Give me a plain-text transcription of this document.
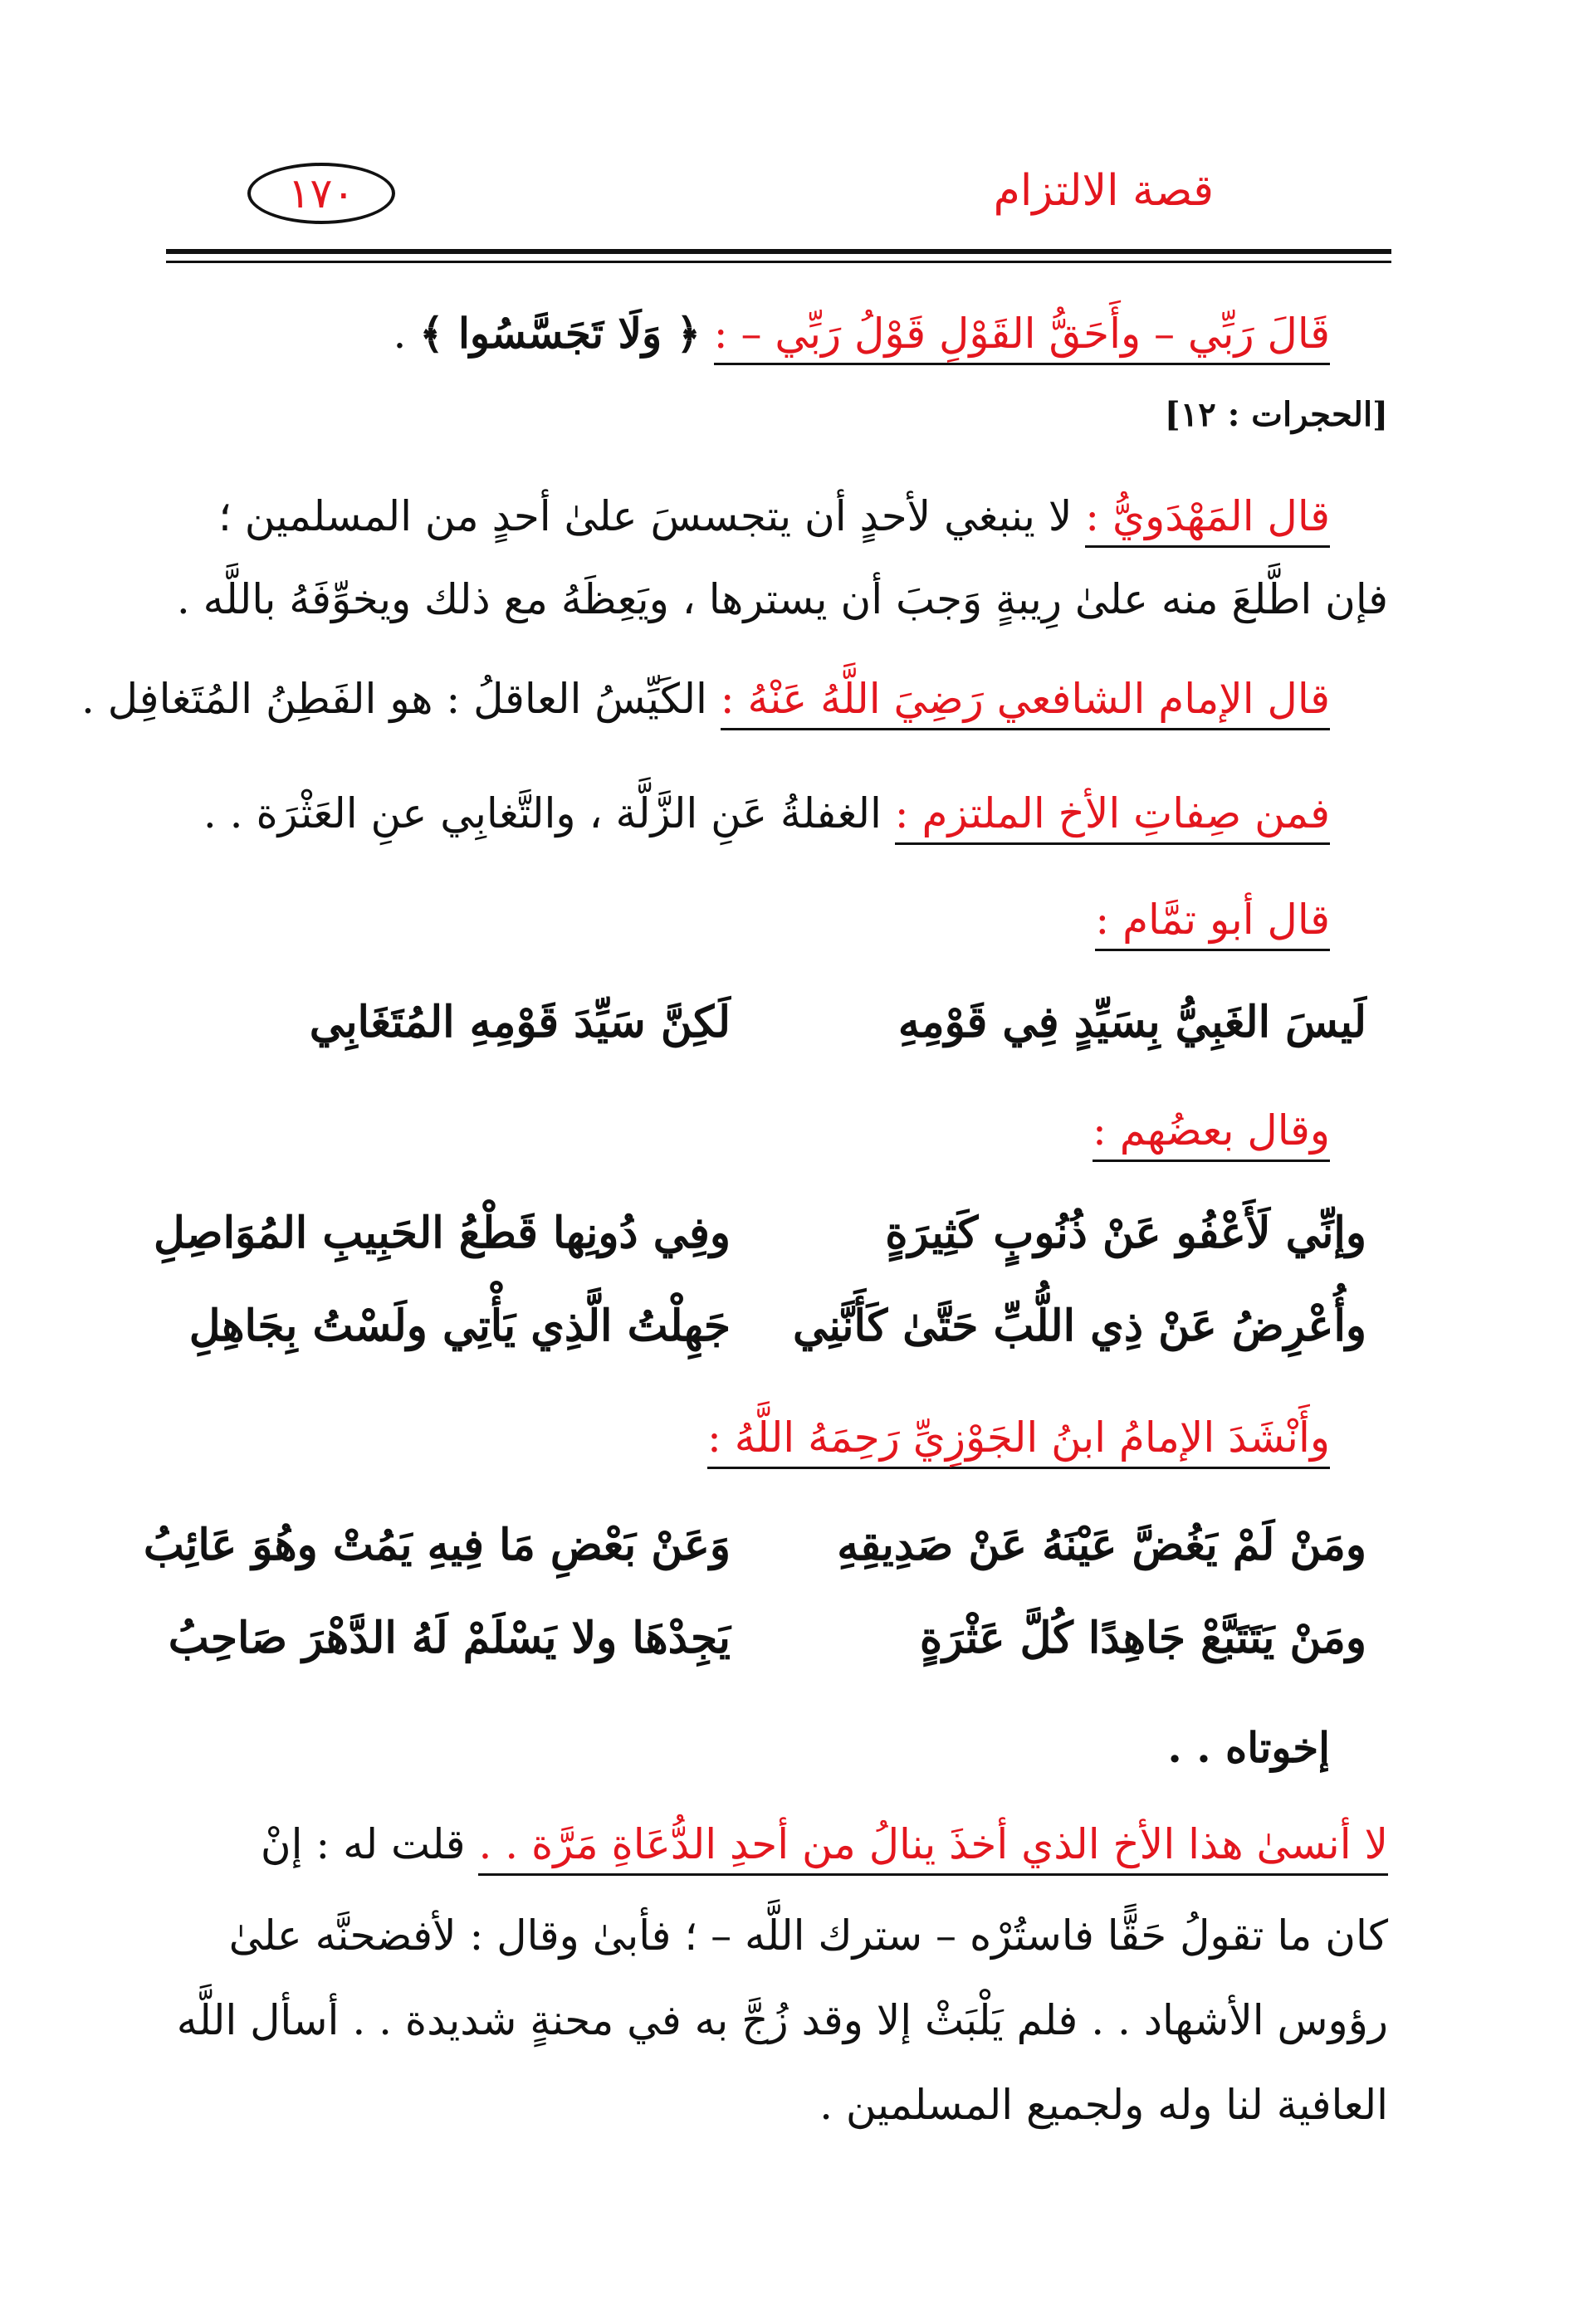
١٧٠	قصة الالتزام
قَالَ رَبِّي – وأَحَقُّ القَوْلِ قَوْلُ رَبِّي – : ﴿ وَلَا تَجَسَّسُوا ﴾ .
[الحجرات : ١٢]
قال المَهْدَويُّ : لا ينبغي لأحدٍ أن يتجسسَ علىٰ أحدٍ من المسلمين ؛
فإن اطَّلعَ منه علىٰ رِيبةٍ وَجبَ أن يسترها ، ويَعِظَهُ مع ذلك ويخوِّفَهُ باللَّه .
قال الإمام الشافعي رَضِيَ اللَّهُ عَنْهُ : الكَيِّسُ العاقلُ : هو الفَطِنُ المُتَغافِل .
فمن صِفاتِ الأخ الملتزم : الغفلةُ عَنِ الزَّلَّة ، والتَّغابِي عنِ العَثْرَة . .
قال أبو تمَّام :
لَيسَ الغَبِيُّ بِسَيِّدٍ فِي قَوْمِهِ
لَكِنَّ سَيِّدَ قَوْمِهِ المُتَغَابِي
وقال بعضُهم :
وإنِّي لَأَعْفُو عَنْ ذُنُوبٍ كَثِيرَةٍ
وفِي دُونِها قَطْعُ الحَبِيبِ المُوَاصِلِ
وأُعْرِضُ عَنْ ذِي اللُّبِّ حَتَّىٰ كَأَنَّنِي
جَهِلْتُ الَّذِي يَأْتِي ولَسْتُ بِجَاهِلِ
وأَنْشَدَ الإمامُ ابنُ الجَوْزِيِّ رَحِمَهُ اللَّهُ :
ومَنْ لَمْ يَغُضَّ عَيْنَهُ عَنْ صَدِيقِهِ
وَعَنْ بَعْضِ مَا فِيهِ يَمُتْ وهُوَ عَائِبُ
ومَنْ يَتَتَبَّعْ جَاهِدًا كُلَّ عَثْرَةٍ
يَجِدْهَا ولا يَسْلَمْ لَهُ الدَّهْرَ صَاحِبُ
إخوتاه . .
لا أنسىٰ هذا الأخ الذي أخذَ ينالُ من أحدِ الدُّعَاةِ مَرَّة . . قلت له : إنْ
كان ما تقولُ حَقًّا فاستُرْه – سترك اللَّه – ؛ فأبىٰ وقال : لأفضحنَّه علىٰ
رؤوس الأشهاد . . فلم يَلْبَثْ إلا وقد زُجَّ به في محنةٍ شديدة . . أسأل اللَّه
العافية لنا وله ولجميع المسلمين .
